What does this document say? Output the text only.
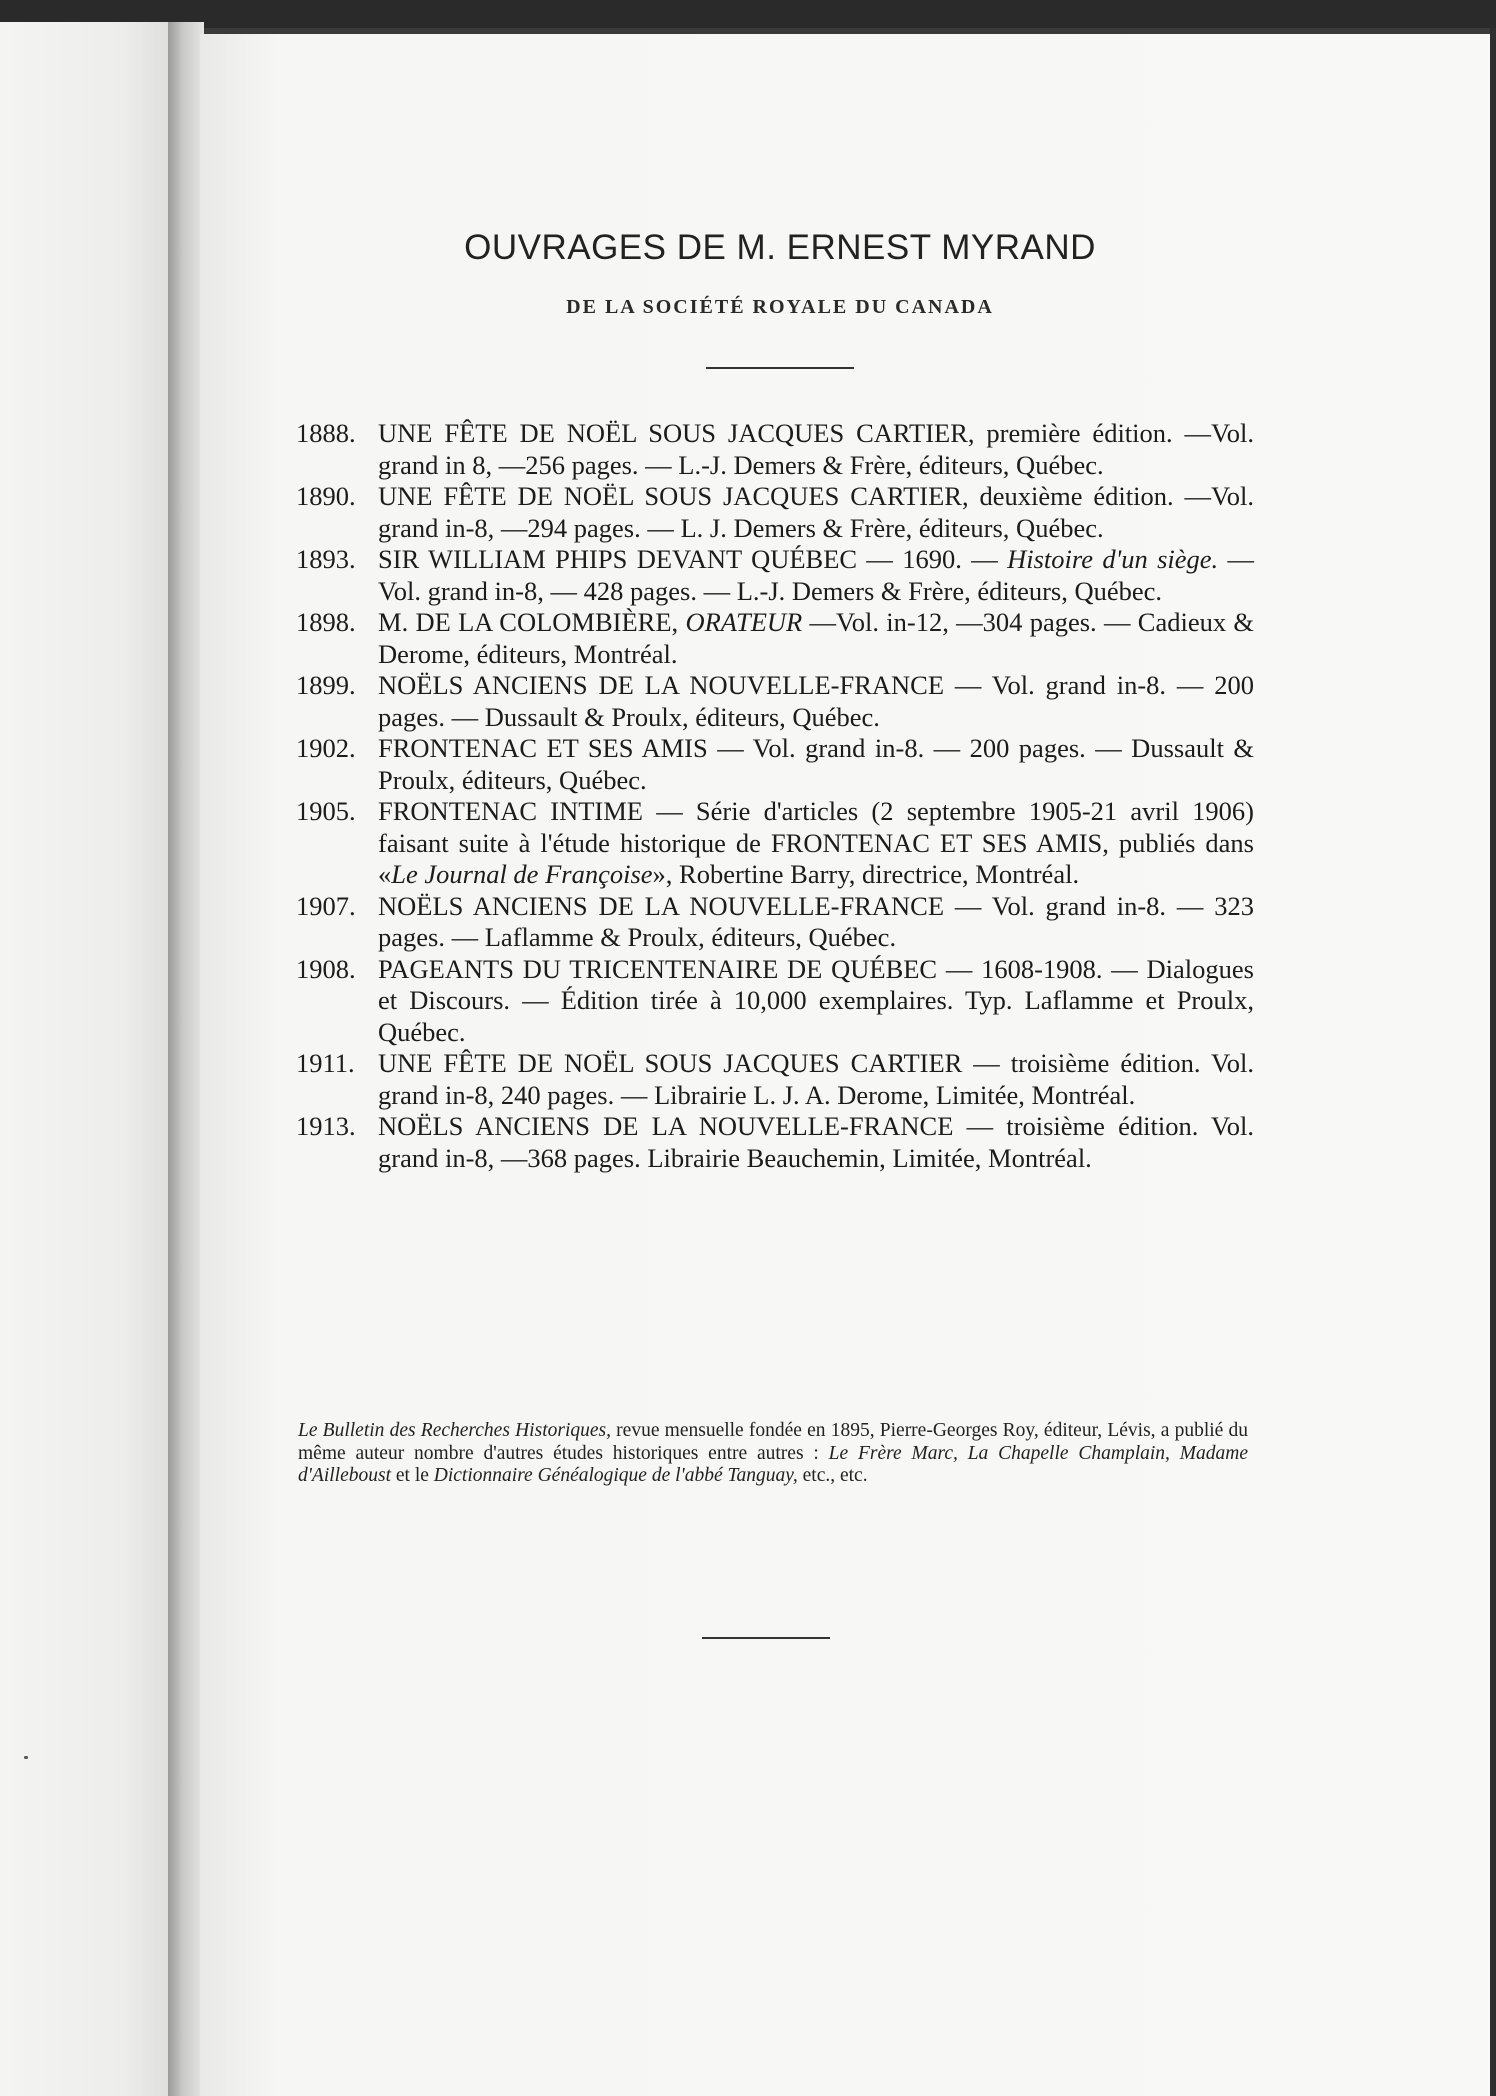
OUVRAGES DE M. ERNEST MYRAND
DE LA SOCIÉTÉ ROYALE DU CANADA
1888. UNE FÊTE DE NOËL SOUS JACQUES CARTIER, première édition. —Vol. grand in 8, —256 pages. — L.-J. Demers & Frère, éditeurs, Québec.
1890. UNE FÊTE DE NOËL SOUS JACQUES CARTIER, deuxième édition. —Vol. grand in-8, —294 pages. — L. J. Demers & Frère, éditeurs, Québec.
1893. SIR WILLIAM PHIPS DEVANT QUÉBEC — 1690. — Histoire d'un siège. — Vol. grand in-8, — 428 pages. — L.-J. Demers & Frère, éditeurs, Québec.
1898. M. DE LA COLOMBIÈRE, ORATEUR —Vol. in-12, —304 pages. — Cadieux & Derome, éditeurs, Montréal.
1899. NOËLS ANCIENS DE LA NOUVELLE-FRANCE — Vol. grand in-8. — 200 pages. — Dussault & Proulx, éditeurs, Québec.
1902. FRONTENAC ET SES AMIS — Vol. grand in-8. — 200 pages. — Dussault & Proulx, éditeurs, Québec.
1905. FRONTENAC INTIME — Série d'articles (2 septembre 1905-21 avril 1906) faisant suite à l'étude historique de FRONTENAC ET SES AMIS, publiés dans «Le Journal de Françoise», Robertine Barry, directrice, Montréal.
1907. NOËLS ANCIENS DE LA NOUVELLE-FRANCE — Vol. grand in-8. — 323 pages. — Laflamme & Proulx, éditeurs, Québec.
1908. PAGEANTS DU TRICENTENAIRE DE QUÉBEC — 1608-1908. — Dialogues et Discours. — Édition tirée à 10,000 exemplaires. Typ. Laflamme et Proulx, Québec.
1911. UNE FÊTE DE NOËL SOUS JACQUES CARTIER — troisième édition. Vol. grand in-8, 240 pages. — Librairie L. J. A. Derome, Limitée, Montréal.
1913. NOËLS ANCIENS DE LA NOUVELLE-FRANCE — troisième édition. Vol. grand in-8, —368 pages. Librairie Beauchemin, Limitée, Montréal.
Le Bulletin des Recherches Historiques, revue mensuelle fondée en 1895, Pierre-Georges Roy, éditeur, Lévis, a publié du même auteur nombre d'autres études historiques entre autres : Le Frère Marc, La Chapelle Champlain, Madame d'Ailleboust et le Dictionnaire Généalogique de l'abbé Tanguay, etc., etc.
